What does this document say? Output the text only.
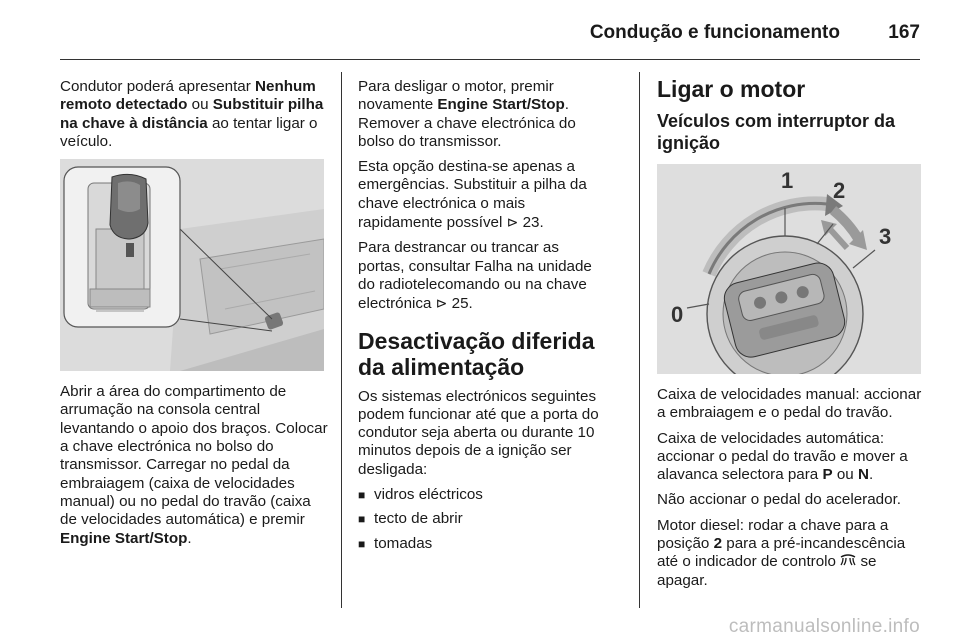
Condução e funcionamento	167

Condutor poderá apresentar Nenhum remoto detectado ou Substituir pilha na chave à distância ao tentar ligar o veículo.

Abrir a área do compartimento de arrumação na consola central levantando o apoio dos braços. Colocar a chave electrónica no bolso do transmissor. Carregar no pedal da embraiagem (caixa de velocidades manual) ou no pedal do travão (caixa de velocidades automática) e premir Engine Start/Stop.

Para desligar o motor, premir novamente Engine Start/Stop. Remover a chave electrónica do bolso do transmissor.

Esta opção destina-se apenas a emergências. Substituir a pilha da chave electrónica o mais rapidamente possível ⊳ 23.

Para destrancar ou trancar as portas, consultar Falha na unidade do radiotelecomando ou na chave electrónica ⊳ 25.

Desactivação diferida da alimentação

Os sistemas electrónicos seguintes podem funcionar até que a porta do condutor seja aberta ou durante 10 minutos depois de a ignição ser desligada:

■ vidros eléctricos
■ tecto de abrir
■ tomadas
Ligar o motor
Veículos com interruptor da ignição
1 2
3
0

Caixa de velocidades manual: accionar a embraiagem e o pedal do travão.

Caixa de velocidades automática: accionar o pedal do travão e mover a alavanca selectora para P ou N.

Não accionar o pedal do acelerador.

Motor diesel: rodar a chave para a posição 2 para a pré-incandescência até o indicador de controlo  se apagar.

carmanualsonline.info
